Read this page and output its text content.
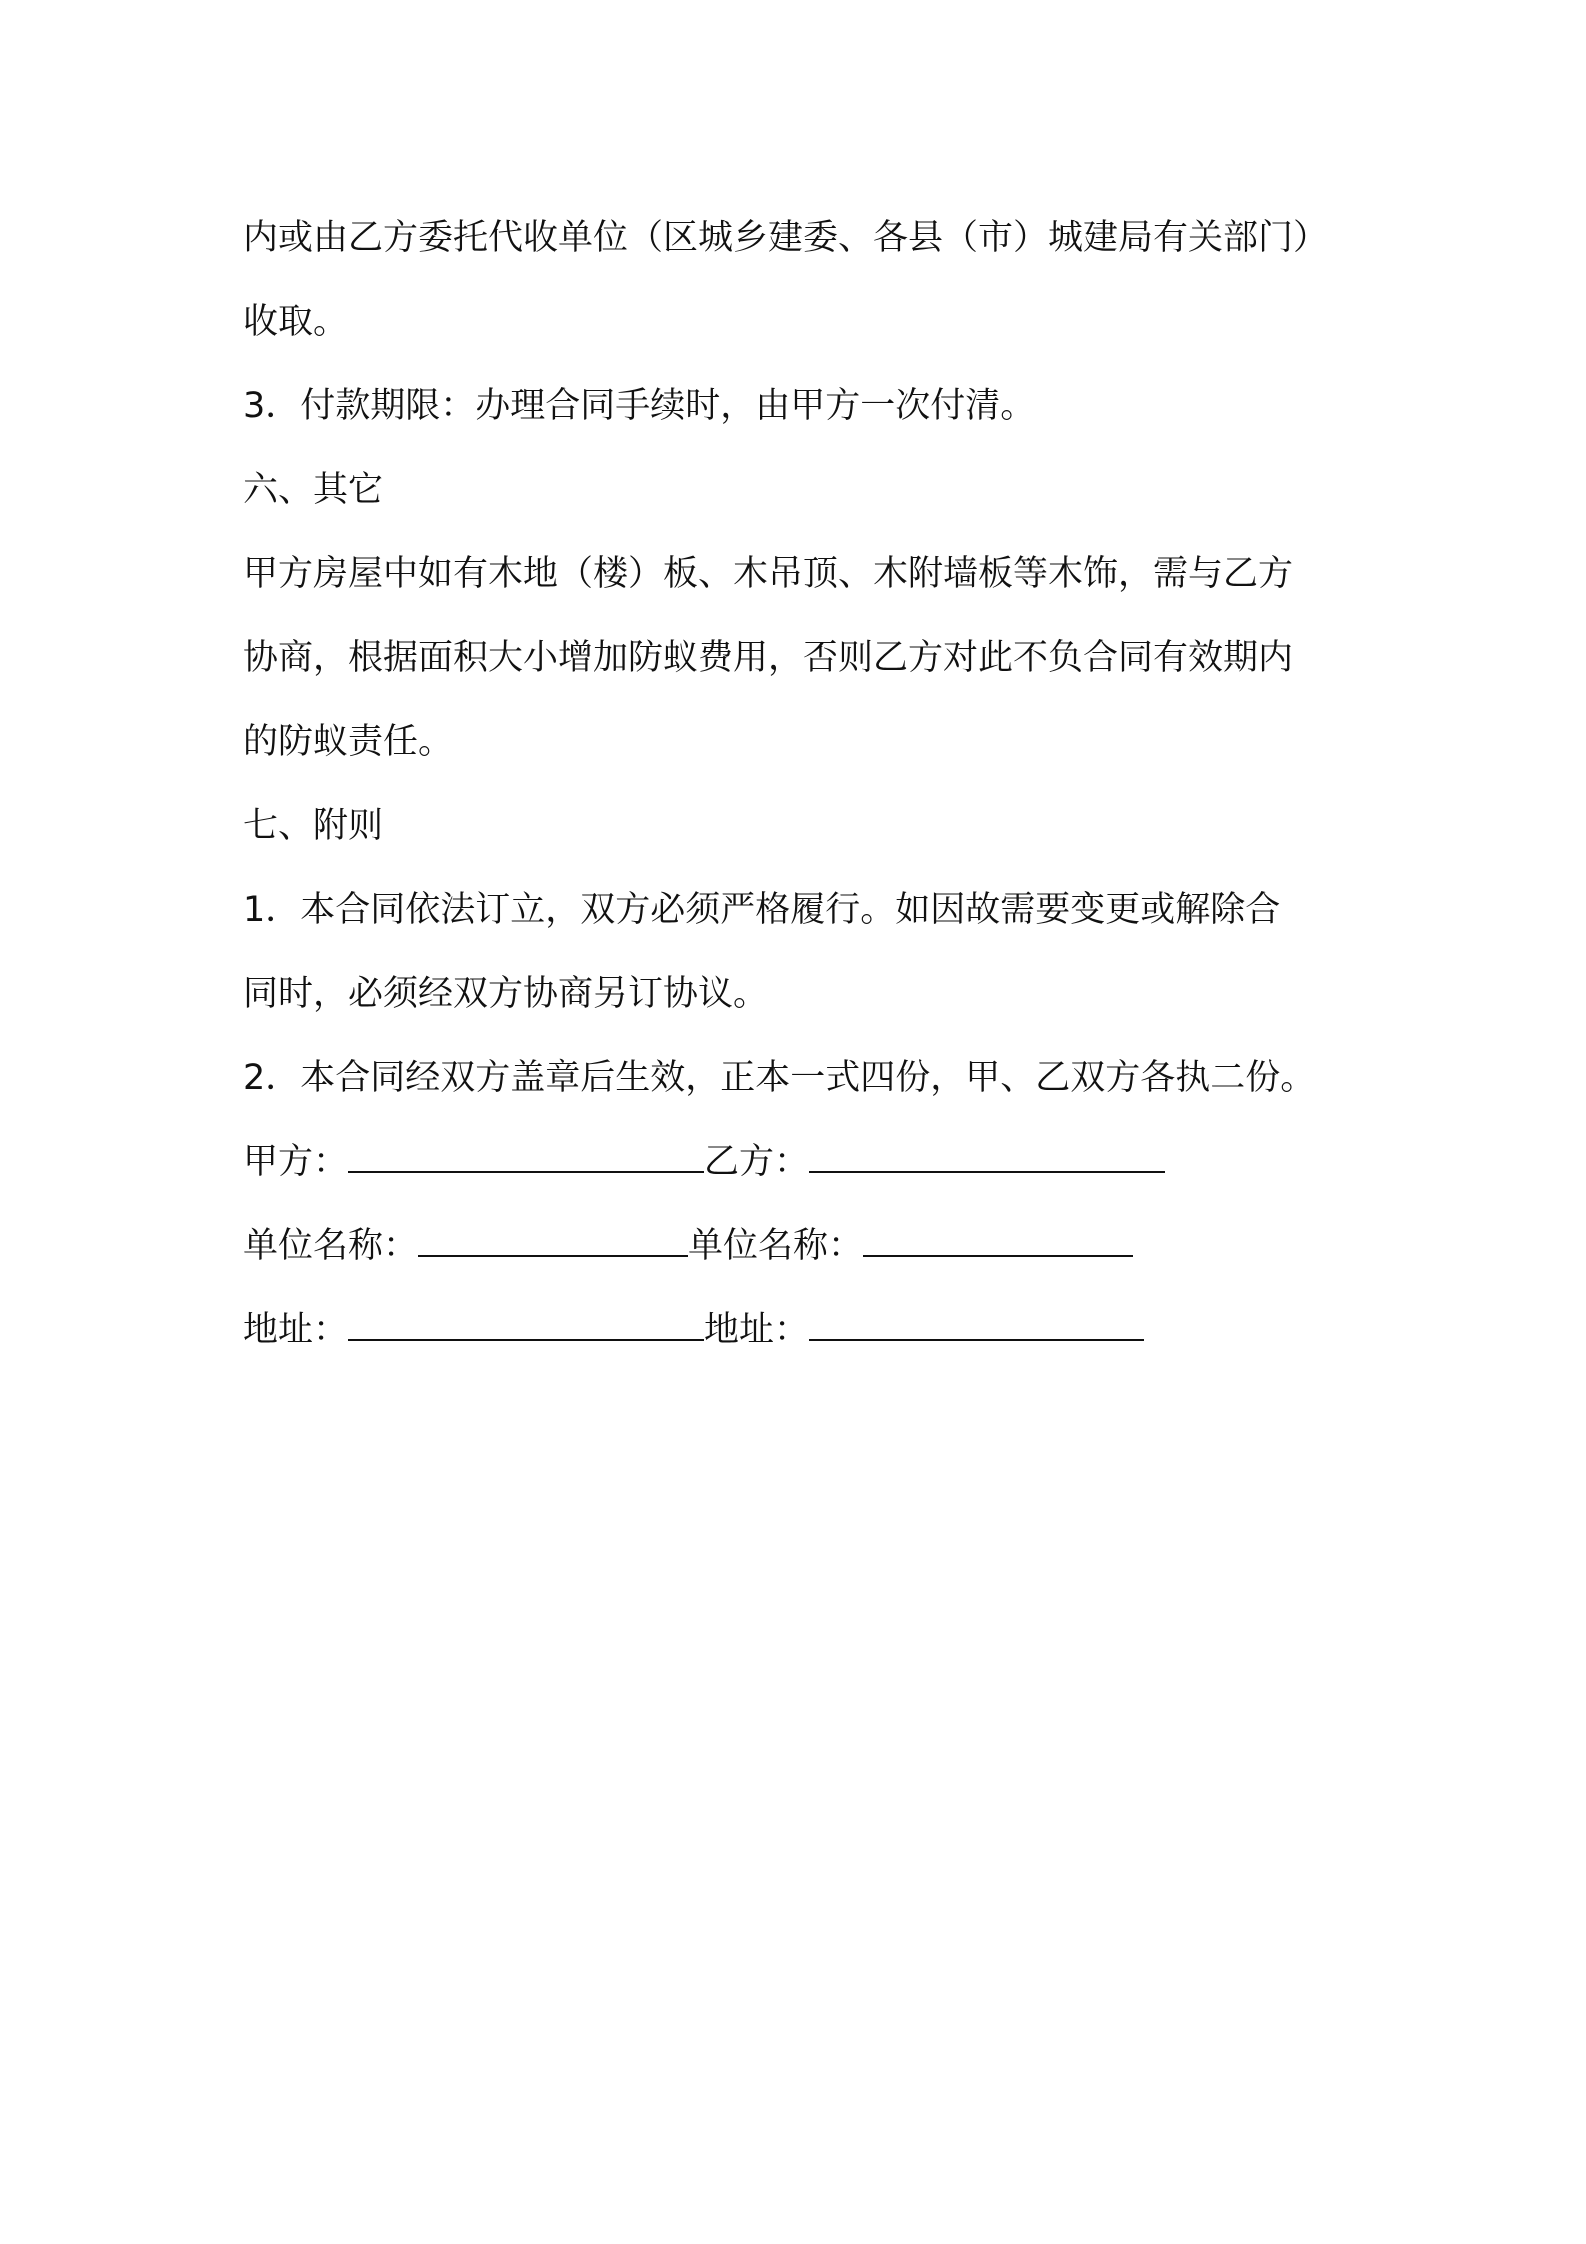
内或由乙方委托代收单位（区城乡建委、各县（市）城建局有关部门）
收取。
3．付款期限：办理合同手续时，由甲方一次付清。
六、其它
甲方房屋中如有木地（楼）板、木吊顶、木附墙板等木饰，需与乙方
协商，根据面积大小增加防蚁费用，否则乙方对此不负合同有效期内
的防蚁责任。
七、附则
1．本合同依法订立，双方必须严格履行。如因故需要变更或解除合
同时，必须经双方协商另订协议。
2．本合同经双方盖章后生效，正本一式四份，甲、乙双方各执二份。
甲方：	乙方：
单位名称：	单位名称：
地址：	地址：
